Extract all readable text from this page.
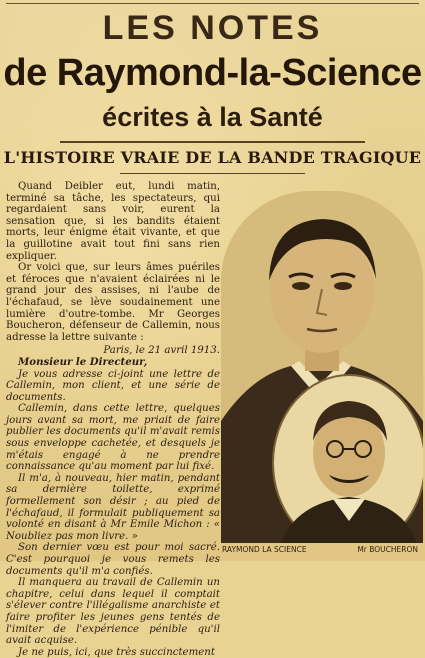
LES NOTES
de Raymond-la-Science
écrites à la Santé
L'HISTOIRE VRAIE DE LA BANDE TRAGIQUE

Quand Deibler eut, lundi matin, terminé sa tâche, les spectateurs, qui regardaient sans voir, eurent la sensation que, si les bandits étaient morts, leur énigme était vivante, et que la guillotine avait tout fini sans rien expliquer.

Or voici que, sur leurs âmes puériles et féroces que n'avaient éclairées ni le grand jour des assises, ni l'aube de l'échafaud, se lève soudainement une lumière d'outre-tombe. Mr Georges Boucheron, défenseur de Callemin, nous adresse la lettre suivante :

Paris, le 21 avril 1913.

Monsieur le Directeur,

Je vous adresse ci-joint une lettre de Callemin, mon client, et une série de documents.

Callemin, dans cette lettre, quelques jours avant sa mort, me priait de faire publier les documents qu'il m'avait remis sous enveloppe cachetée, et desquels je m'étais engagé à ne prendre connaissance qu'au moment par lui fixé.

Il m'a, à nouveau, hier matin, pendant sa dernière toilette, exprimé formellement son désir ; au pied de l'échafaud, il formulait publiquement sa volonté en disant à Mr Emile Michon : « Noubliez pas mon livre. »

Son dernier vœu est pour moi sacré. C'est pourquoi je vous remets les documents qu'il m'a confiés.

Il manquera au travail de Callemin un chapitre, celui dans lequel il comptait s'élever contre l'illégalisme anarchiste et faire profiter les jeunes gens tentés de l'imiter de l'expérience pénible qu'il avait acquise.

Je ne puis, ici, que très succinctement

RAYMOND LA SCIENCE	Mr BOUCHERON
